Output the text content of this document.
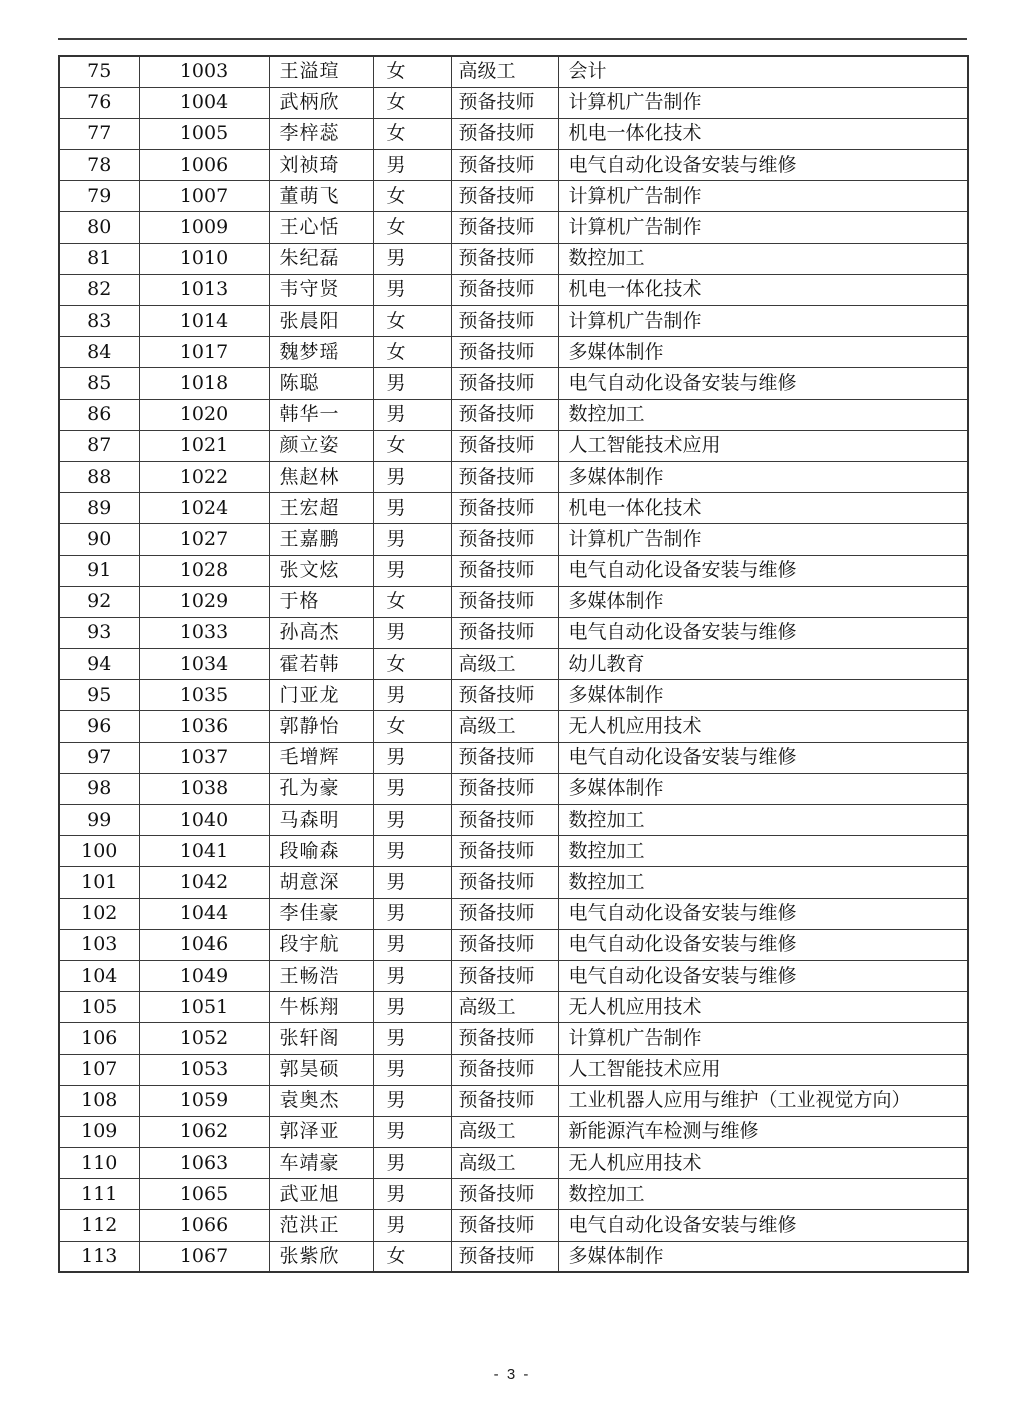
75	1003	王溢瑄	女	高级工	会计
76	1004	武柄欣	女	预备技师	计算机广告制作
77	1005	李梓蕊	女	预备技师	机电一体化技术
78	1006	刘祯琦	男	预备技师	电气自动化设备安装与维修
79	1007	董萌飞	女	预备技师	计算机广告制作
80	1009	王心恬	女	预备技师	计算机广告制作
81	1010	朱纪磊	男	预备技师	数控加工
82	1013	韦守贤	男	预备技师	机电一体化技术
83	1014	张晨阳	女	预备技师	计算机广告制作
84	1017	魏梦瑶	女	预备技师	多媒体制作
85	1018	陈聪	男	预备技师	电气自动化设备安装与维修
86	1020	韩华一	男	预备技师	数控加工
87	1021	颜立姿	女	预备技师	人工智能技术应用
88	1022	焦赵林	男	预备技师	多媒体制作
89	1024	王宏超	男	预备技师	机电一体化技术
90	1027	王嘉鹏	男	预备技师	计算机广告制作
91	1028	张文炫	男	预备技师	电气自动化设备安装与维修
92	1029	于格	女	预备技师	多媒体制作
93	1033	孙高杰	男	预备技师	电气自动化设备安装与维修
94	1034	霍若韩	女	高级工	幼儿教育
95	1035	门亚龙	男	预备技师	多媒体制作
96	1036	郭静怡	女	高级工	无人机应用技术
97	1037	毛增辉	男	预备技师	电气自动化设备安装与维修
98	1038	孔为豪	男	预备技师	多媒体制作
99	1040	马森明	男	预备技师	数控加工
100	1041	段喻森	男	预备技师	数控加工
101	1042	胡意深	男	预备技师	数控加工
102	1044	李佳豪	男	预备技师	电气自动化设备安装与维修
103	1046	段宇航	男	预备技师	电气自动化设备安装与维修
104	1049	王畅浩	男	预备技师	电气自动化设备安装与维修
105	1051	牛栎翔	男	高级工	无人机应用技术
106	1052	张轩阁	男	预备技师	计算机广告制作
107	1053	郭昊硕	男	预备技师	人工智能技术应用
108	1059	袁奥杰	男	预备技师	工业机器人应用与维护（工业视觉方向）
109	1062	郭泽亚	男	高级工	新能源汽车检测与维修
110	1063	车靖豪	男	高级工	无人机应用技术
111	1065	武亚旭	男	预备技师	数控加工
112	1066	范洪正	男	预备技师	电气自动化设备安装与维修
113	1067	张紫欣	女	预备技师	多媒体制作
- 3 -
